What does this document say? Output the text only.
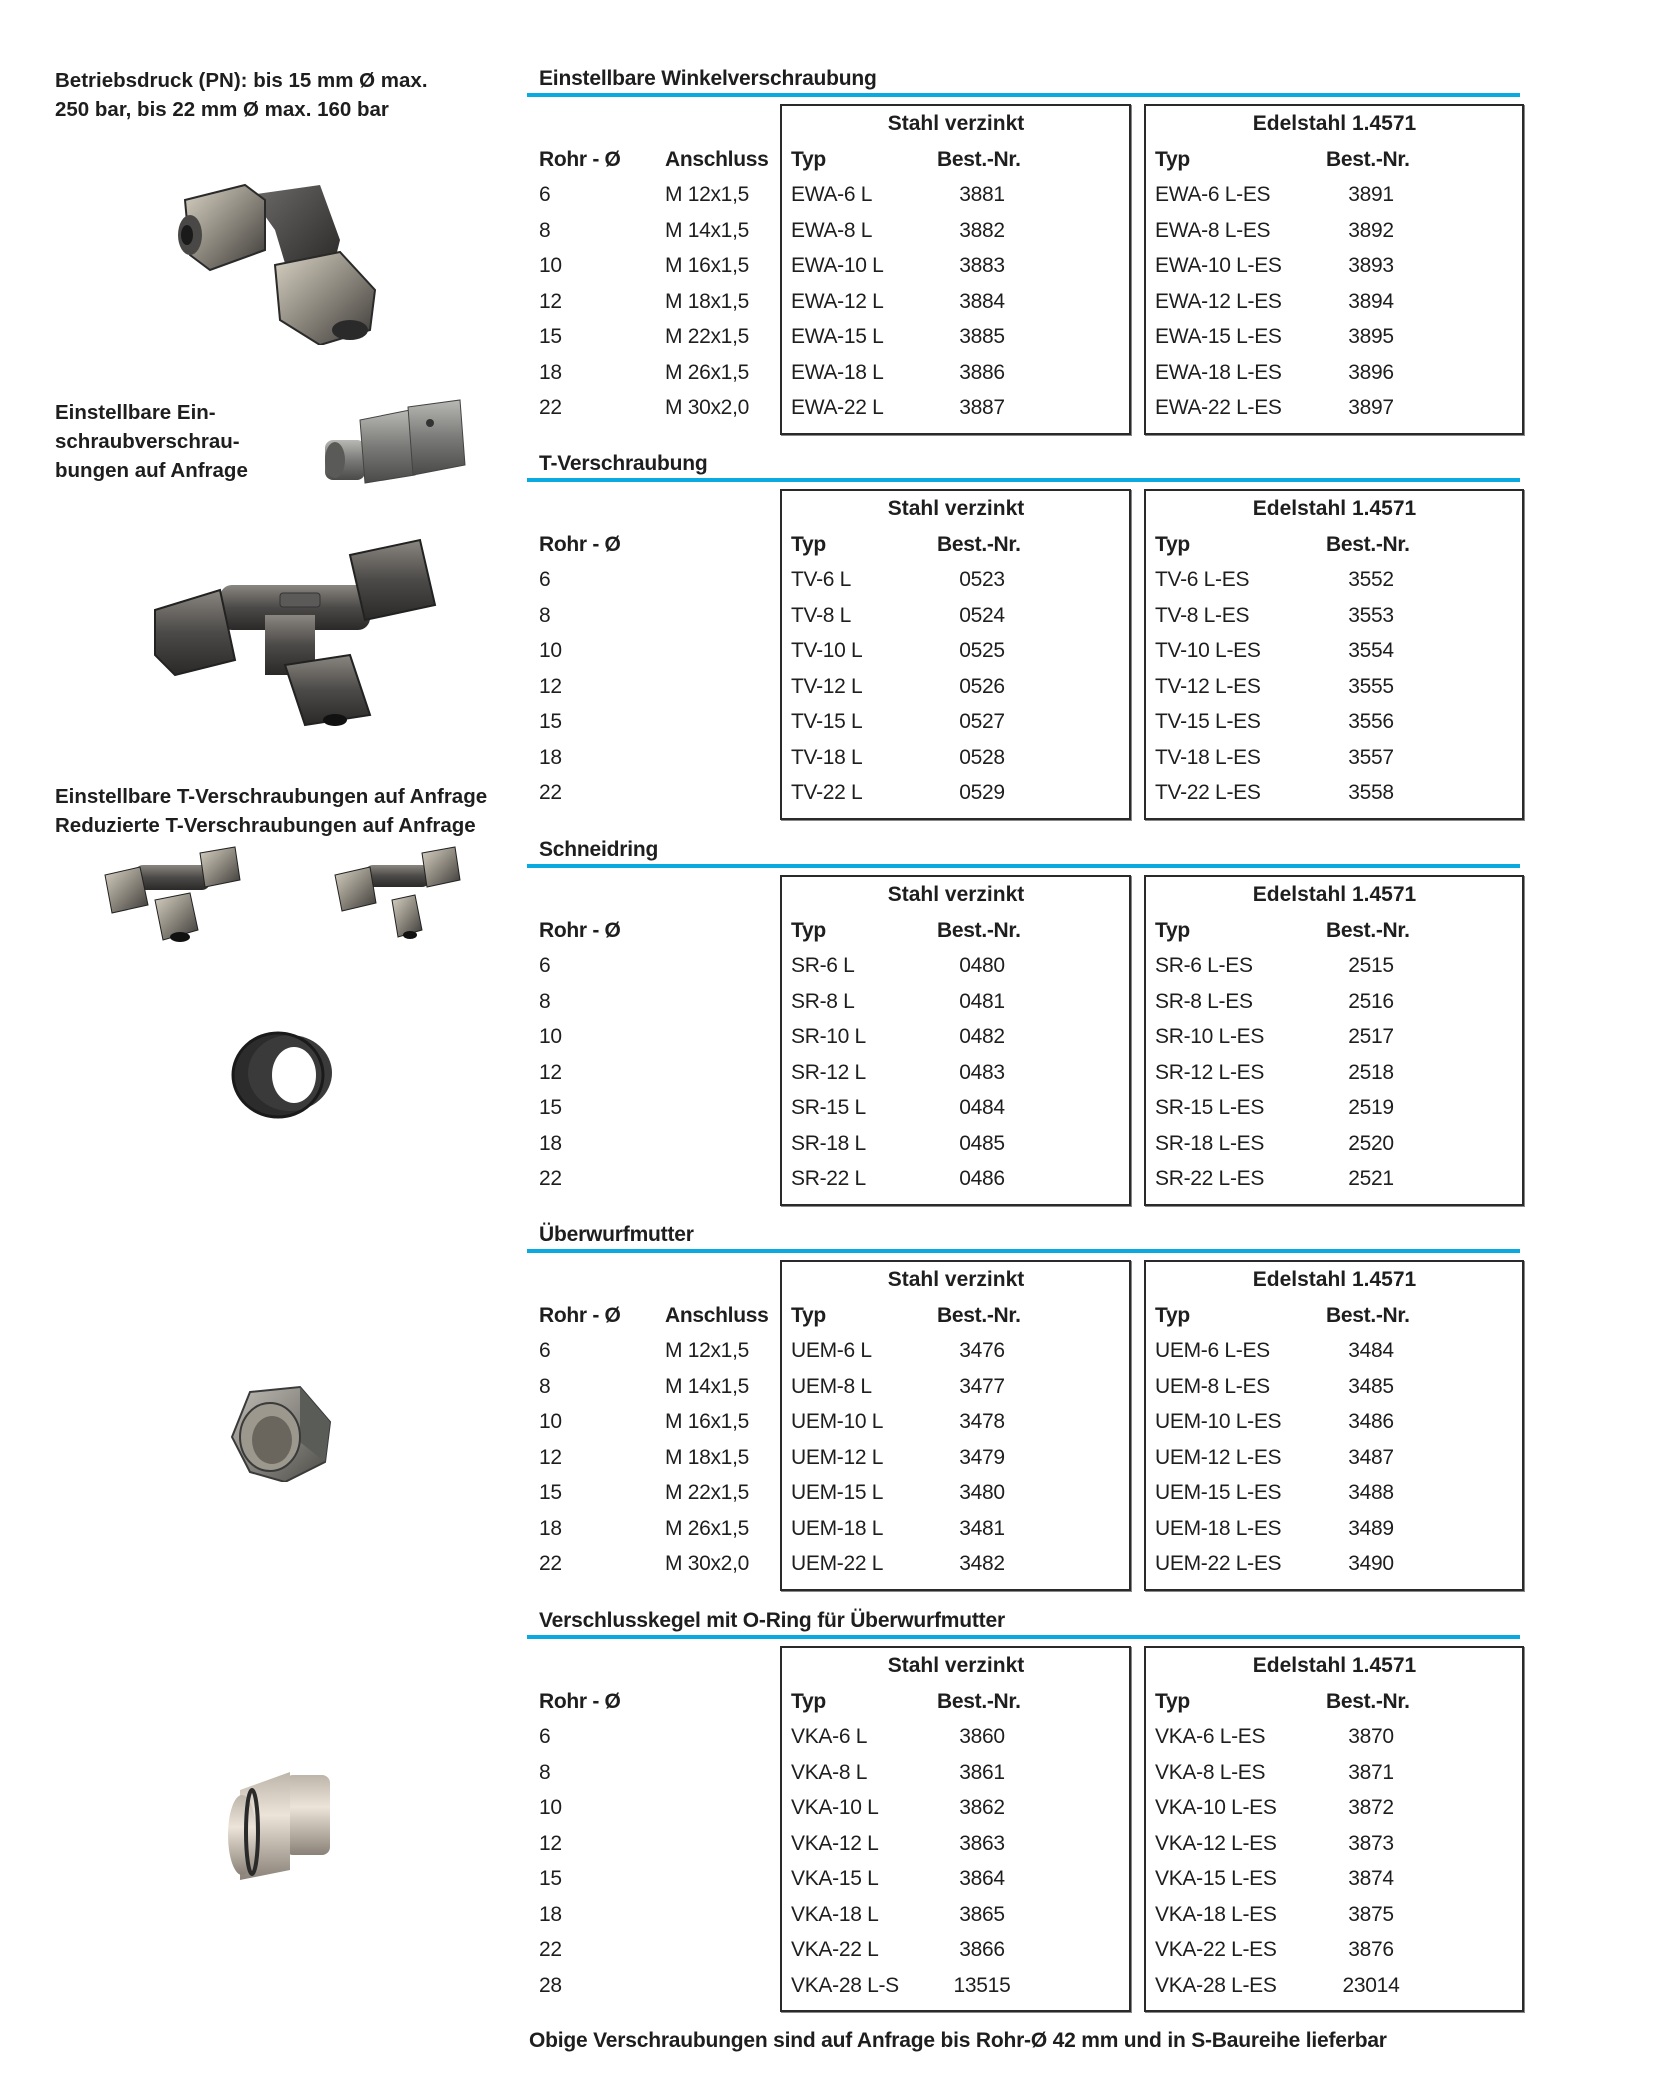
Betriebsdruck (PN): bis 15 mm Ø max.
250 bar, bis 22 mm Ø max. 160 bar
Einstellbare Ein-
schraubverschrau-
bungen auf Anfrage
Einstellbare T-Verschraubungen auf Anfrage
Reduzierte T-Verschraubungen auf Anfrage
Einstellbare Winkelverschraubung
Stahl verzinkt	Edelstahl 1.4571
Rohr - Ø Anschluss Typ	Best.-Nr.	Typ	Best.-Nr.
6	M 12x1,5 EWA-6 L	3881	EWA-6 L-ES	3891
8	M 14x1,5 EWA-8 L	3882	EWA-8 L-ES	3892
10	M 16x1,5 EWA-10 L	3883	EWA-10 L-ES	3893
12	M 18x1,5 EWA-12 L	3884	EWA-12 L-ES	3894
15	M 22x1,5 EWA-15 L	3885	EWA-15 L-ES	3895
18	M 26x1,5 EWA-18 L	3886	EWA-18 L-ES	3896
22	M 30x2,0 EWA-22 L	3887	EWA-22 L-ES	3897
T-Verschraubung
Stahl verzinkt	Edelstahl 1.4571
Rohr - Ø	Typ	Best.-Nr.	Typ	Best.-Nr.
6	TV-6 L	0523	TV-6 L-ES	3552
8	TV-8 L	0524	TV-8 L-ES	3553
10	TV-10 L	0525	TV-10 L-ES	3554
12	TV-12 L	0526	TV-12 L-ES	3555
15	TV-15 L	0527	TV-15 L-ES	3556
18	TV-18 L	0528	TV-18 L-ES	3557
22	TV-22 L	0529	TV-22 L-ES	3558
Schneidring
Stahl verzinkt	Edelstahl 1.4571
Rohr - Ø	Typ	Best.-Nr.	Typ	Best.-Nr.
6	SR-6 L	0480	SR-6 L-ES	2515
8	SR-8 L	0481	SR-8 L-ES	2516
10	SR-10 L	0482	SR-10 L-ES	2517
12	SR-12 L	0483	SR-12 L-ES	2518
15	SR-15 L	0484	SR-15 L-ES	2519
18	SR-18 L	0485	SR-18 L-ES	2520
22	SR-22 L	0486	SR-22 L-ES	2521
Überwurfmutter
Stahl verzinkt	Edelstahl 1.4571
Rohr - Ø Anschluss Typ	Best.-Nr.	Typ	Best.-Nr.
6	M 12x1,5 UEM-6 L	3476	UEM-6 L-ES	3484
8	M 14x1,5 UEM-8 L	3477	UEM-8 L-ES	3485
10	M 16x1,5 UEM-10 L	3478	UEM-10 L-ES	3486
12	M 18x1,5 UEM-12 L	3479	UEM-12 L-ES	3487
15	M 22x1,5 UEM-15 L	3480	UEM-15 L-ES	3488
18	M 26x1,5 UEM-18 L	3481	UEM-18 L-ES	3489
22	M 30x2,0 UEM-22 L	3482	UEM-22 L-ES	3490
Verschlusskegel mit O-Ring für Überwurfmutter
Stahl verzinkt	Edelstahl 1.4571
Rohr - Ø	Typ	Best.-Nr.	Typ	Best.-Nr.
6	VKA-6 L	3860	VKA-6 L-ES	3870
8	VKA-8 L	3861	VKA-8 L-ES	3871
10	VKA-10 L	3862	VKA-10 L-ES	3872
12	VKA-12 L	3863	VKA-12 L-ES	3873
15	VKA-15 L	3864	VKA-15 L-ES	3874
18	VKA-18 L	3865	VKA-18 L-ES	3875
22	VKA-22 L	3866	VKA-22 L-ES	3876
28	VKA-28 L-S	13515	VKA-28 L-ES	23014
Obige Verschraubungen sind auf Anfrage bis Rohr-Ø 42 mm und in S-Baureihe lieferbar
